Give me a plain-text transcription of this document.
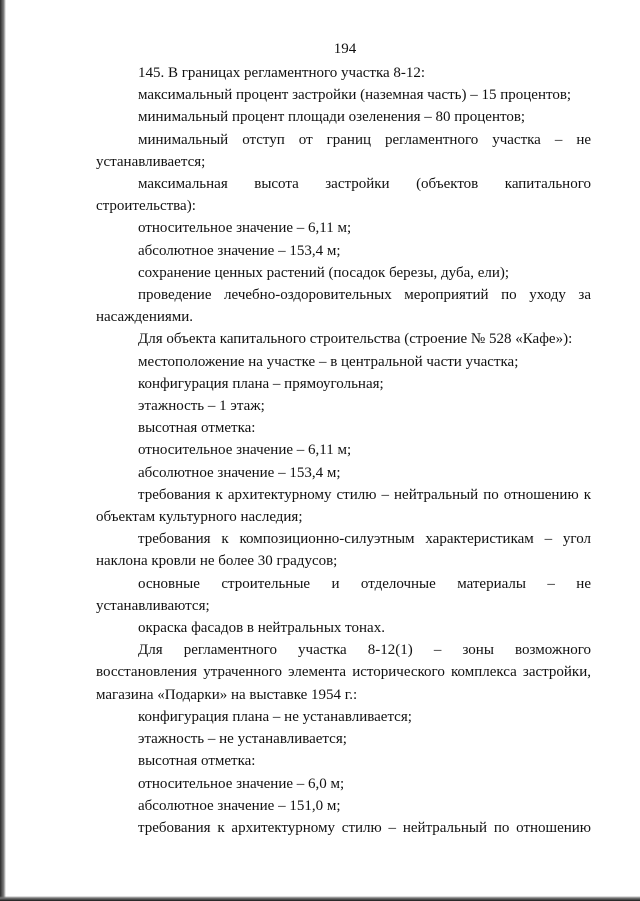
194

145. В границах регламентного участка 8-12:

максимальный процент застройки (наземная часть) – 15 процентов;

минимальный процент площади озеленения – 80 процентов;

минимальный отступ от границ регламентного участка – не устанавливается;

максимальная высота застройки (объектов капитального строительства):

относительное значение – 6,11 м;

абсолютное значение – 153,4 м;

сохранение ценных растений (посадок березы, дуба, ели);

проведение лечебно-оздоровительных мероприятий по уходу за насаждениями.

Для объекта капитального строительства (строение № 528 «Кафе»):

местоположение на участке – в центральной части участка;

конфигурация плана – прямоугольная;

этажность – 1 этаж;

высотная отметка:

относительное значение – 6,11 м;

абсолютное значение – 153,4 м;

требования к архитектурному стилю – нейтральный по отношению к объектам культурного наследия;

требования к композиционно-силуэтным характеристикам – угол наклона кровли не более 30 градусов;

основные строительные и отделочные материалы – не устанавливаются;

окраска фасадов в нейтральных тонах.

Для регламентного участка 8-12(1) – зоны возможного восстановления утраченного элемента исторического комплекса застройки, магазина «Подарки» на выставке 1954 г.:

конфигурация плана – не устанавливается;

этажность – не устанавливается;

высотная отметка:

относительное значение – 6,0 м;

абсолютное значение – 151,0 м;

требования к архитектурному стилю – нейтральный по отношению
